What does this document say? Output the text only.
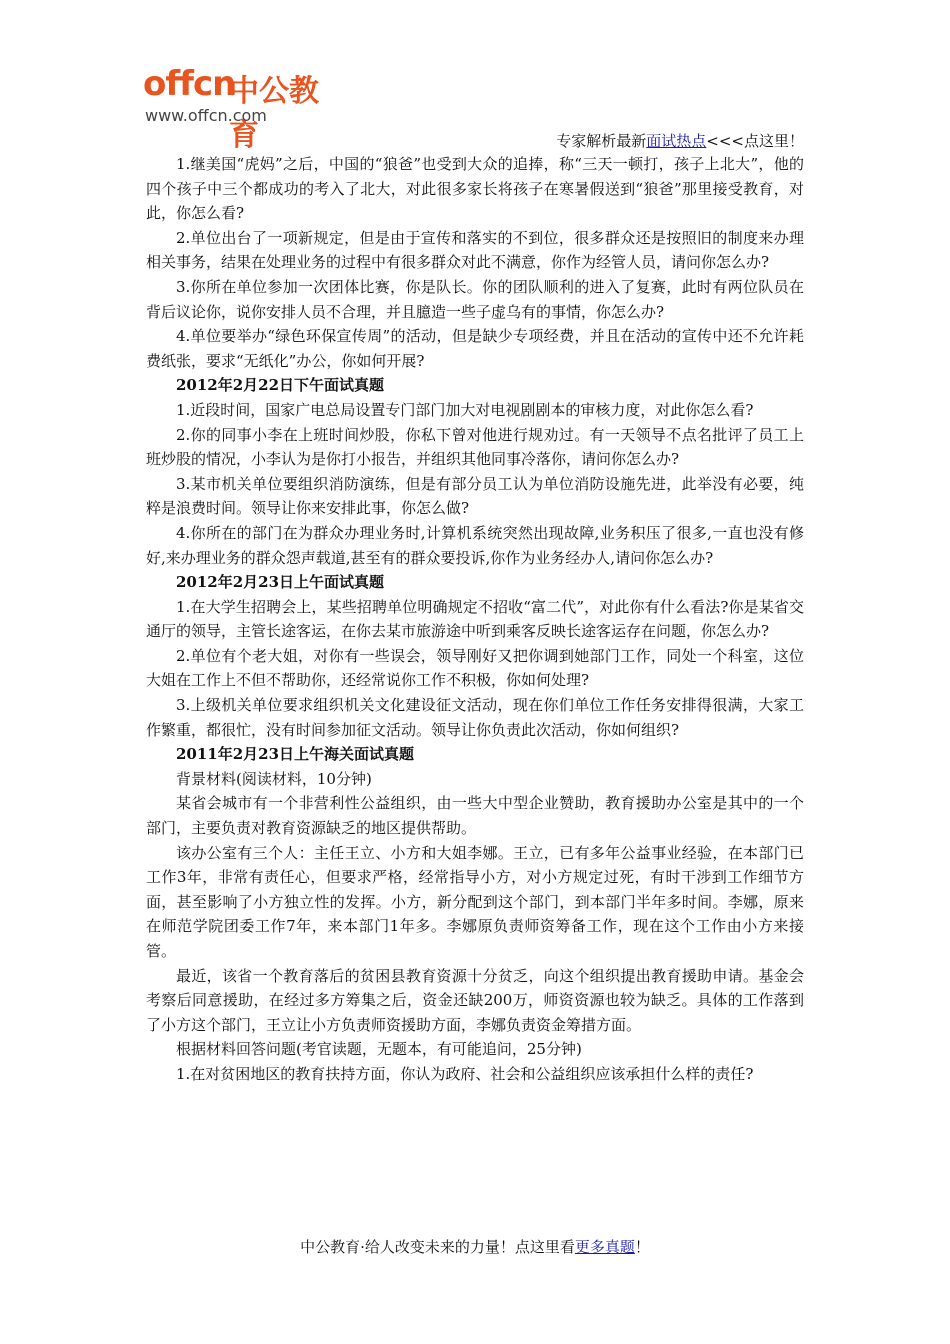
offcn
中公教育
www.offcn.com
专家解析最新面试热点<<<点这里！

1.继美国“虎妈”之后，中国的“狼爸”也受到大众的追捧，称“三天一顿打，孩子上北大”，他的四个孩子中三个都成功的考入了北大，对此很多家长将孩子在寒暑假送到“狼爸”那里接受教育，对此，你怎么看?

2.单位出台了一项新规定，但是由于宣传和落实的不到位，很多群众还是按照旧的制度来办理相关事务，结果在处理业务的过程中有很多群众对此不满意，你作为经管人员，请问你怎么办?

3.你所在单位参加一次团体比赛，你是队长。你的团队顺利的进入了复赛，此时有两位队员在背后议论你，说你安排人员不合理，并且臆造一些子虚乌有的事情，你怎么办?

4.单位要举办“绿色环保宣传周”的活动，但是缺少专项经费，并且在活动的宣传中还不允许耗费纸张，要求“无纸化”办公，你如何开展?

2012年2月22日下午面试真题

1.近段时间，国家广电总局设置专门部门加大对电视剧剧本的审核力度，对此你怎么看?

2.你的同事小李在上班时间炒股，你私下曾对他进行规劝过。有一天领导不点名批评了员工上班炒股的情况，小李认为是你打小报告，并组织其他同事冷落你，请问你怎么办?

3.某市机关单位要组织消防演练，但是有部分员工认为单位消防设施先进，此举没有必要，纯粹是浪费时间。领导让你来安排此事，你怎么做?

4.你所在的部门在为群众办理业务时,计算机系统突然出现故障,业务积压了很多,一直也没有修好,来办理业务的群众怨声载道,甚至有的群众要投诉,你作为业务经办人,请问你怎么办?

2012年2月23日上午面试真题

1.在大学生招聘会上，某些招聘单位明确规定不招收“富二代”，对此你有什么看法?你是某省交通厅的领导，主管长途客运，在你去某市旅游途中听到乘客反映长途客运存在问题，你怎么办?

2.单位有个老大姐，对你有一些误会，领导刚好又把你调到她部门工作，同处一个科室，这位大姐在工作上不但不帮助你，还经常说你工作不积极，你如何处理?

3.上级机关单位要求组织机关文化建设征文活动，现在你们单位工作任务安排得很满，大家工作繁重，都很忙，没有时间参加征文活动。领导让你负责此次活动，你如何组织?

2011年2月23日上午海关面试真题

背景材料(阅读材料，10分钟)

某省会城市有一个非营利性公益组织，由一些大中型企业赞助，教育援助办公室是其中的一个部门，主要负责对教育资源缺乏的地区提供帮助。

该办公室有三个人：主任王立、小方和大姐李娜。王立，已有多年公益事业经验，在本部门已工作3年，非常有责任心，但要求严格，经常指导小方，对小方规定过死，有时干涉到工作细节方面，甚至影响了小方独立性的发挥。小方，新分配到这个部门，到本部门半年多时间。李娜，原来在师范学院团委工作7年，来本部门1年多。李娜原负责师资筹备工作，现在这个工作由小方来接管。

最近，该省一个教育落后的贫困县教育资源十分贫乏，向这个组织提出教育援助申请。基金会考察后同意援助，在经过多方筹集之后，资金还缺200万，师资资源也较为缺乏。具体的工作落到了小方这个部门，王立让小方负责师资援助方面，李娜负责资金筹措方面。

根据材料回答问题(考官读题，无题本，有可能追问，25分钟)

1.在对贫困地区的教育扶持方面，你认为政府、社会和公益组织应该承担什么样的责任?

中公教育·给人改变未来的力量！点这里看更多真题！
